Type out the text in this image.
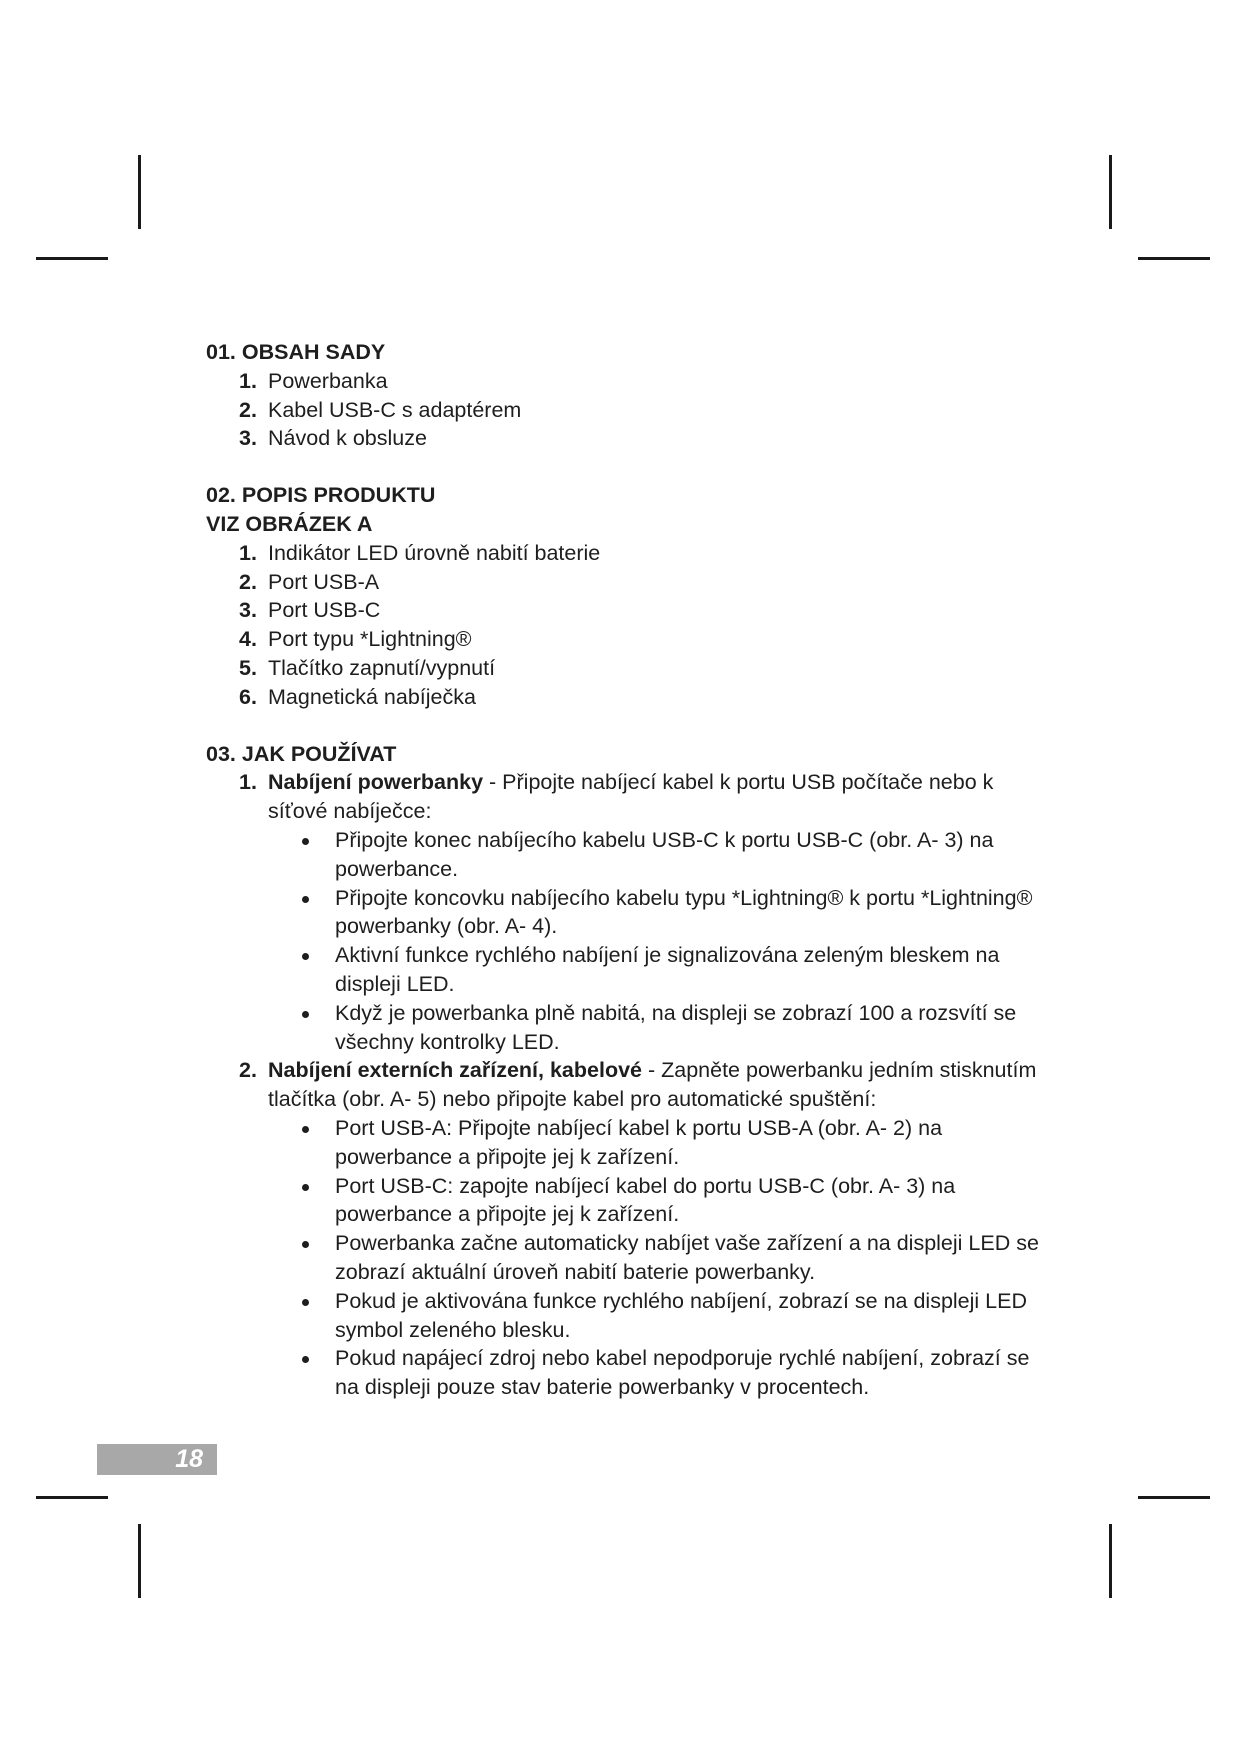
01. OBSAH SADY
1. Powerbanka
2. Kabel USB-C s adaptérem
3. Návod k obsluze
02. POPIS PRODUKTU
VIZ OBRÁZEK A
1. Indikátor LED úrovně nabití baterie
2. Port USB-A
3. Port USB-C
4. Port typu *Lightning®
5. Tlačítko zapnutí/vypnutí
6. Magnetická nabíječka
03. JAK POUŽÍVAT
1. Nabíjení powerbanky - Připojte nabíjecí kabel k portu USB počítače nebo k síťové nabíječce:
Připojte konec nabíjecího kabelu USB-C k portu USB-C (obr. A- 3) na powerbance.
Připojte koncovku nabíjecího kabelu typu *Lightning® k portu *Lightning® powerbanky (obr. A- 4).
Aktivní funkce rychlého nabíjení je signalizována zeleným bleskem na displeji LED.
Když je powerbanka plně nabitá, na displeji se zobrazí 100 a rozsvítí se všechny kontrolky LED.
2. Nabíjení externích zařízení, kabelové - Zapněte powerbanku jedním stisknutím tlačítka (obr. A- 5) nebo připojte kabel pro automatické spuštění:
Port USB-A: Připojte nabíjecí kabel k portu USB-A (obr. A- 2) na powerbance a připojte jej k zařízení.
Port USB-C: zapojte nabíjecí kabel do portu USB-C (obr. A- 3) na powerbance a připojte jej k zařízení.
Powerbanka začne automaticky nabíjet vaše zařízení a na displeji LED se zobrazí aktuální úroveň nabití baterie powerbanky.
Pokud je aktivována funkce rychlého nabíjení, zobrazí se na displeji LED symbol zeleného blesku.
Pokud napájecí zdroj nebo kabel nepodporuje rychlé nabíjení, zobrazí se na displeji pouze stav baterie powerbanky v procentech.
18
